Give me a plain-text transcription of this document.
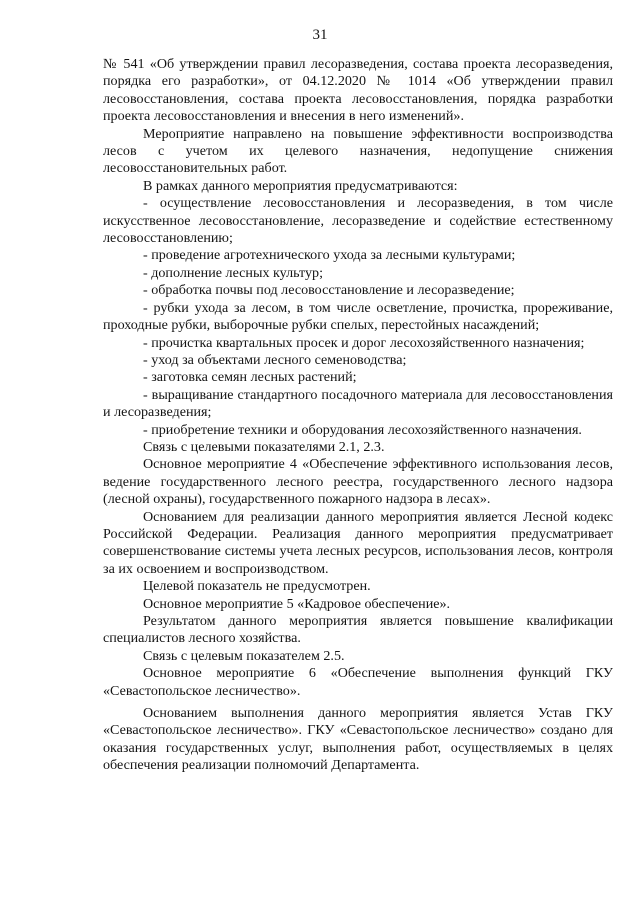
31

№ 541 «Об утверждении правил лесоразведения, состава проекта лесоразведения, порядка его разработки», от 04.12.2020 № 1014 «Об утверждении правил лесовосстановления, состава проекта лесовосстановления, порядка разработки проекта лесовосстановления и внесения в него изменений».

Мероприятие направлено на повышение эффективности воспроизводства лесов с учетом их целевого назначения, недопущение снижения лесовосстановительных работ.

В рамках данного мероприятия предусматриваются:

- осуществление лесовосстановления и лесоразведения, в том числе искусственное лесовосстановление, лесоразведение и содействие естественному лесовосстановлению;

- проведение агротехнического ухода за лесными культурами;

- дополнение лесных культур;

- обработка почвы под лесовосстановление и лесоразведение;

- рубки ухода за лесом, в том числе осветление, прочистка, прореживание, проходные рубки, выборочные рубки спелых, перестойных насаждений;

- прочистка квартальных просек и дорог лесохозяйственного назначения;

- уход за объектами лесного семеноводства;

- заготовка семян лесных растений;

- выращивание стандартного посадочного материала для лесовосстановления и лесоразведения;

- приобретение техники и оборудования лесохозяйственного назначения.

Связь с целевыми показателями 2.1, 2.3.

Основное мероприятие 4 «Обеспечение эффективного использования лесов, ведение государственного лесного реестра, государственного лесного надзора (лесной охраны), государственного пожарного надзора в лесах».

Основанием для реализации данного мероприятия является Лесной кодекс Российской Федерации. Реализация данного мероприятия предусматривает совершенствование системы учета лесных ресурсов, использования лесов, контроля за их освоением и воспроизводством.

Целевой показатель не предусмотрен.

Основное мероприятие 5 «Кадровое обеспечение».

Результатом данного мероприятия является повышение квалификации специалистов лесного хозяйства.

Связь с целевым показателем 2.5.

Основное мероприятие 6 «Обеспечение выполнения функций ГКУ «Севастопольское лесничество».

Основанием выполнения данного мероприятия является Устав ГКУ «Севастопольское лесничество». ГКУ «Севастопольское лесничество» создано для оказания государственных услуг, выполнения работ, осуществляемых в целях обеспечения реализации полномочий Департамента.
